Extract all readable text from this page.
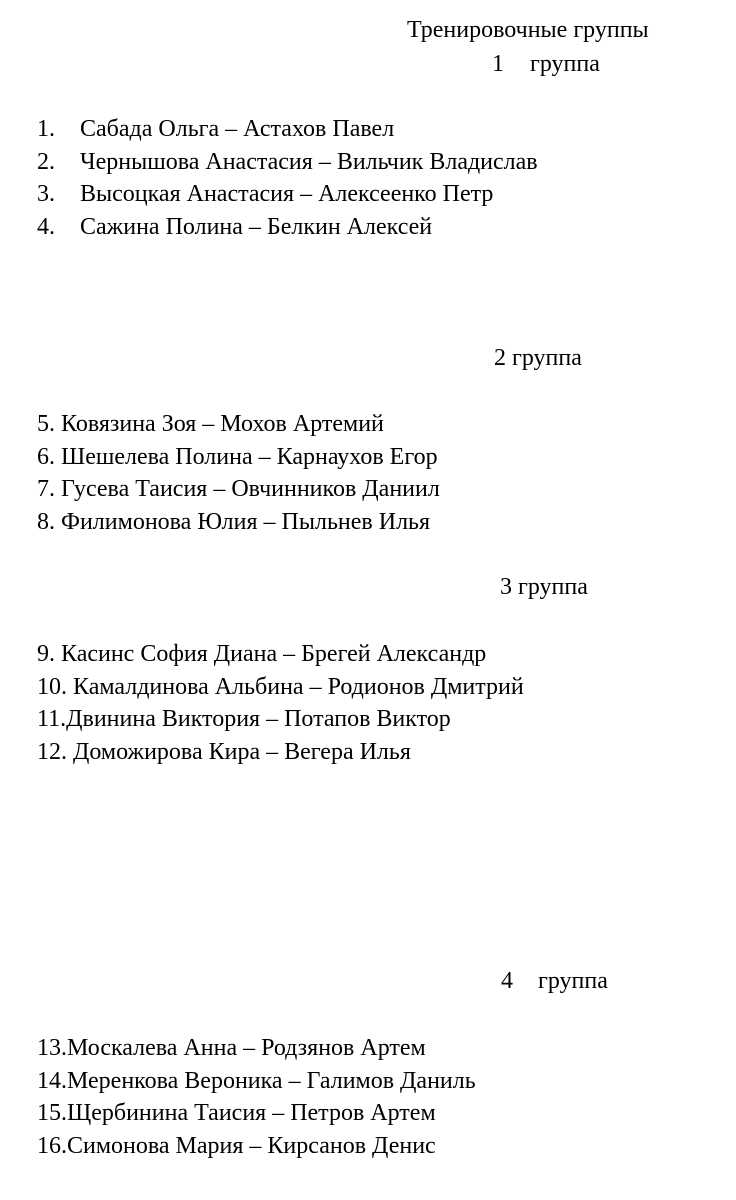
Тренировочные группы
1 группа
1. Сабада Ольга – Астахов Павел
2. Чернышова Анастасия – Вильчик Владислав
3. Высоцкая Анастасия – Алексеенко Петр
4. Сажина Полина – Белкин Алексей
2 группа
5. Ковязина Зоя – Мохов Артемий
6. Шешелева Полина – Карнаухов Егор
7. Гусева Таисия – Овчинников Даниил
8. Филимонова Юлия – Пыльнев Илья
3 группа
9. Касинс София Диана – Брегей Александр
10. Камалдинова Альбина – Родионов Дмитрий
11.Двинина Виктория – Потапов Виктор
12. Доможирова Кира – Вегера Илья
4 группа
13.Москалева Анна – Родзянов Артем
14.Меренкова Вероника – Галимов Даниль
15.Щербинина Таисия – Петров Артем
16.Симонова Мария – Кирсанов Денис
